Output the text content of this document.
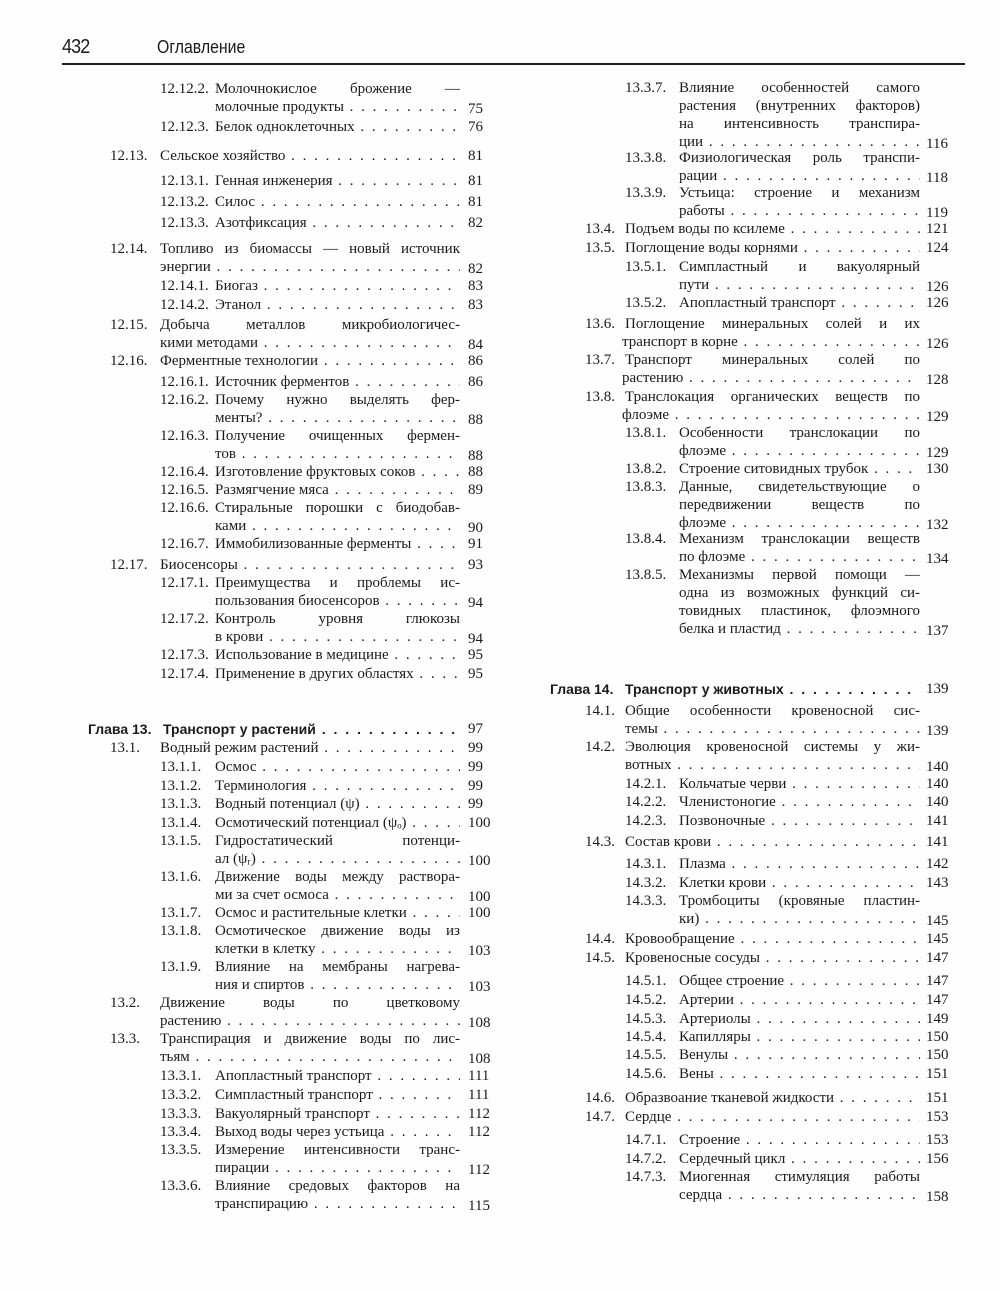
432	Оглавление
12.12.2. Молочнокислое брожение —
молочные продукты . . .	75
12.12.3. Белок одноклеточных . . .	76
12.13. Сельское хозяйство . . .	81
12.13.1. Генная инженерия . . .	81
12.13.2. Силос . . .	81
12.13.3. Азотфиксация . . .	82
12.14. Топливо из биомассы — новый источник
энергии . . .	82
12.14.1. Биогаз . . .	83
12.14.2. Этанол . . .	83
12.15. Добыча металлов микробиологичес-
кими методами . . .	84
12.16. Ферментные технологии . . .	86
12.16.1. Источник ферментов . . .	86
12.16.2. Почему нужно выделять фер-
менты? . . .	88
12.16.3. Получение очищенных фермен-
тов . . .	88
12.16.4. Изготовление фруктовых соков . . .	88
12.16.5. Размягчение мяса . . .	89
12.16.6. Стиральные порошки с биодобав-
ками . . .	90
12.16.7. Иммобилизованные ферменты . . .	91
12.17. Биосенсоры . . .	93
12.17.1. Преимущества и проблемы ис-
пользования биосенсоров . . .	94
12.17.2. Контроль уровня глюкозы
в крови . . .	94
12.17.3. Использование в медицине . . .	95
12.17.4. Применение в других областях . . .	95
Глава 13. Транспорт у растений . . .	97
13.1. Водный режим растений . . .	99
13.1.1. Осмос . . .	99
13.1.2. Терминология . . .	99
13.1.3. Водный потенциал (ψ) . . .	99
13.1.4. Осмотический потенциал (ψₒ) . . .	100
13.1.5. Гидростатический потенци-
ал (ψᵣ) . . .	100
13.1.6. Движение воды между раствора-
ми за счет осмоса . . .	100
13.1.7. Осмос и растительные клетки . . .	100
13.1.8. Осмотическое движение воды из
клетки в клетку . . .	103
13.1.9. Влияние на мембраны нагрева-
ния и спиртов . . .	103
13.2. Движение воды по цветковому
растению . . .	108
13.3. Транспирация и движение воды по лис-
тьям . . .	108
13.3.1. Апопластный транспорт . . .	111
13.3.2. Симпластный транспорт . . .	111
13.3.3. Вакуолярный транспорт . . .	112
13.3.4. Выход воды через устьица . . .	112
13.3.5. Измерение интенсивности транс-
пирации . . .	112
13.3.6. Влияние средовых факторов на
транспирацию . . .	115
13.3.7. Влияние особенностей самого
растения (внутренних факторов)
на интенсивность транспира-
ции . . .	116
13.3.8. Физиологическая роль транспи-
рации . . .	118
13.3.9. Устьица: строение и механизм
работы . . .	119
13.4. Подъем воды по ксилеме . . .	121
13.5. Поглощение воды корнями . . .	124
13.5.1. Симпластный и вакуолярный
пути . . .	126
13.5.2. Апопластный транспорт . . .	126
13.6. Поглощение минеральных солей и их
транспорт в корне . . .	126
13.7. Транспорт минеральных солей по
растению . . .	128
13.8. Транслокация органических веществ по
флоэме . . .	129
13.8.1. Особенности транслокации по
флоэме . . .	129
13.8.2. Строение ситовидных трубок . . .	130
13.8.3. Данные, свидетельствующие о
передвижении веществ по
флоэме . . .	132
13.8.4. Механизм транслокации веществ
по флоэме . . .	134
13.8.5. Механизмы первой помощи —
одна из возможных функций си-
товидных пластинок, флоэмного
белка и пластид . . .	137
Глава 14. Транспорт у животных . . .	139
14.1. Общие особенности кровеносной сис-
темы . . .	139
14.2. Эволюция кровеносной системы у жи-
вотных . . .	140
14.2.1. Кольчатые черви . . .	140
14.2.2. Членистоногие . . .	140
14.2.3. Позвоночные . . .	141
14.3. Состав крови . . .	141
14.3.1. Плазма . . .	142
14.3.2. Клетки крови . . .	143
14.3.3. Тромбоциты (кровяные пластин-
ки) . . .	145
14.4. Кровообращение . . .	145
14.5. Кровеносные сосуды . . .	147
14.5.1. Общее строение . . .	147
14.5.2. Артерии . . .	147
14.5.3. Артериолы . . .	149
14.5.4. Капилляры . . .	150
14.5.5. Венулы . . .	150
14.5.6. Вены . . .	151
14.6. Образвоание тканевой жидкости . . .	151
14.7. Сердце . . .	153
14.7.1. Строение . . .	153
14.7.2. Сердечный цикл . . .	156
14.7.3. Миогенная стимуляция работы
сердца . . .	158
